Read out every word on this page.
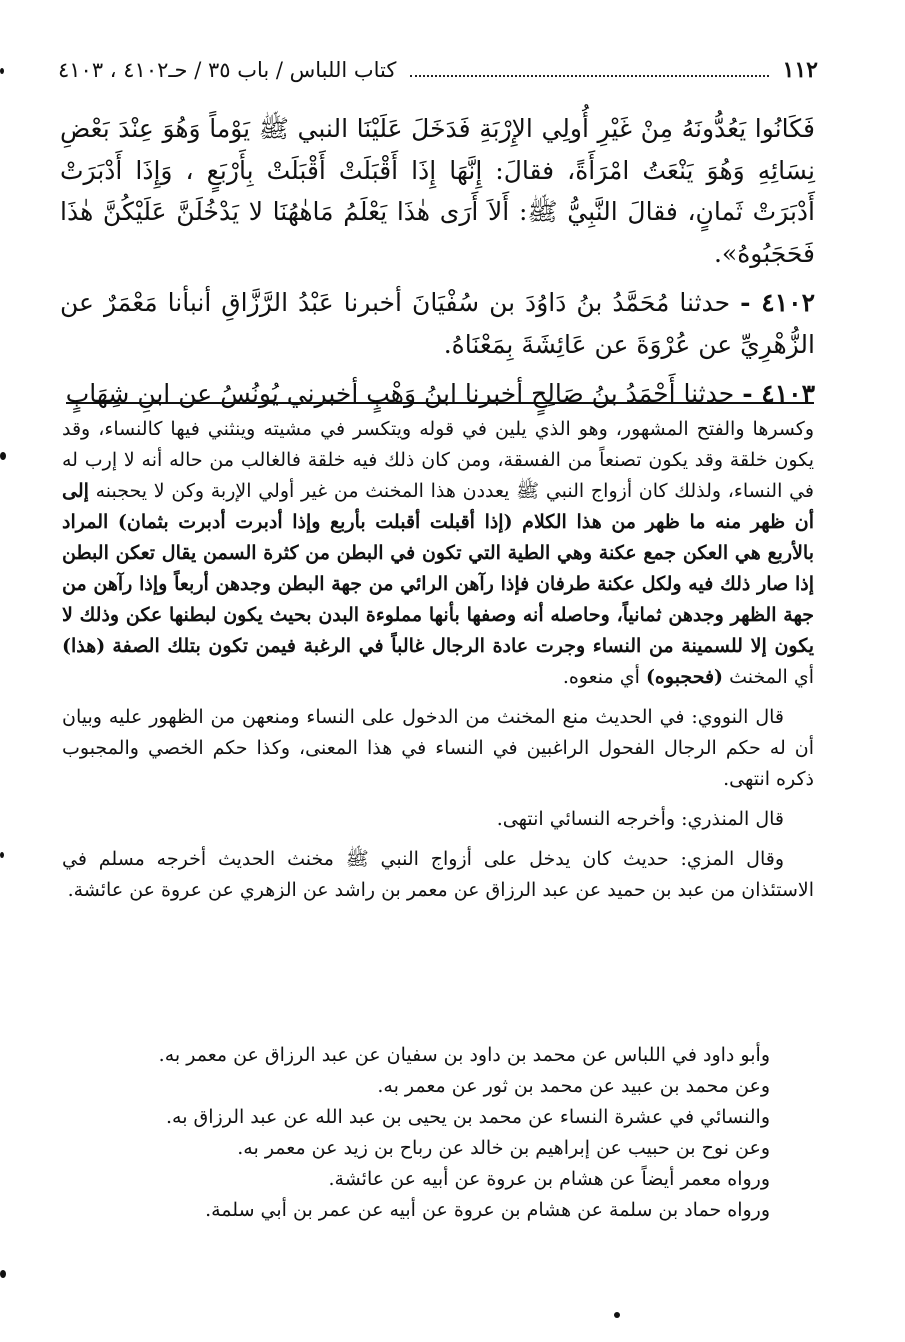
١١٢
كتاب اللباس / باب ٣٥ / حـ٤١٠٢ ، ٤١٠٣

فَكَانُوا يَعُدُّونَهُ مِنْ غَيْرِ أُولِي الإِرْبَةِ فَدَخَلَ عَلَيْنَا النبي ﷺ يَوْماً وَهُوَ عِنْدَ بَعْضِ نِسَائِهِ وَهُوَ يَنْعَتُ امْرَأَةً، فقالَ: إِنَّهَا إِذَا أَقْبَلَتْ أَقْبَلَتْ بِأَرْبَعٍ ، وَإِذَا أَدْبَرَتْ أَدْبَرَتْ ثَمانٍ، فقالَ النَّبِيُّ ﷺ: أَلاَ أَرَى هٰذَا يَعْلَمُ مَاهٰهُنَا لا يَدْخُلَنَّ عَلَيْكُنَّ هٰذَا فَحَجَبُوهُ».

٤١٠٢ - حدثنا مُحَمَّدُ بنُ دَاوُدَ بن سُفْيَانَ أخبرنا عَبْدُ الرَّزَّاقِ أنبأنا مَعْمَرٌ عن الزُّهْرِيِّ عن عُرْوَةَ عن عَائِشَةَ بِمَعْنَاهُ.

٤١٠٣ - حدثنا أَحْمَدُ بنُ صَالِحٍ أخبرنا ابنُ وَهْبٍ أخبرني يُونُسُ عن ابنِ شِهَابٍ

وكسرها والفتح المشهور، وهو الذي يلين في قوله ويتكسر في مشيته وينثني فيها كالنساء، وقد يكون خلقة وقد يكون تصنعاً من الفسقة، ومن كان ذلك فيه خلقة فالغالب من حاله أنه لا إرب له في النساء، ولذلك كان أزواج النبي ﷺ يعددن هذا المخنث من غير أولي الإربة وكن لا يحجبنه إلى أن ظهر منه ما ظهر من هذا الكلام (إذا أقبلت أقبلت بأربع وإذا أدبرت أدبرت بثمان) المراد بالأربع هي العكن جمع عكنة وهي الطية التي تكون في البطن من كثرة السمن يقال تعكن البطن إذا صار ذلك فيه ولكل عكنة طرفان فإذا رآهن الرائي من جهة البطن وجدهن أربعاً وإذا رآهن من جهة الظهر وجدهن ثمانياً، وحاصله أنه وصفها بأنها مملوءة البدن بحيث يكون لبطنها عكن وذلك لا يكون إلا للسمينة من النساء وجرت عادة الرجال غالباً في الرغبة فيمن تكون بتلك الصفة (هذا) أي المخنث (فحجبوه) أي منعوه.

قال النووي: في الحديث منع المخنث من الدخول على النساء ومنعهن من الظهور عليه وبيان أن له حكم الرجال الفحول الراغبين في النساء في هذا المعنى، وكذا حكم الخصي والمجبوب ذكره انتهى.

قال المنذري: وأخرجه النسائي انتهى.

وقال المزي: حديث كان يدخل على أزواج النبي ﷺ مخنث الحديث أخرجه مسلم في الاستئذان من عبد بن حميد عن عبد الرزاق عن معمر بن راشد عن الزهري عن عروة عن عائشة.

وأبو داود في اللباس عن محمد بن داود بن سفيان عن عبد الرزاق عن معمر به.

وعن محمد بن عبيد عن محمد بن ثور عن معمر به.

والنسائي في عشرة النساء عن محمد بن يحيى بن عبد الله عن عبد الرزاق به.

وعن نوح بن حبيب عن إبراهيم بن خالد عن رباح بن زيد عن معمر به.

ورواه معمر أيضاً عن هشام بن عروة عن أبيه عن عائشة.

ورواه حماد بن سلمة عن هشام بن عروة عن أبيه عن عمر بن أبي سلمة.
